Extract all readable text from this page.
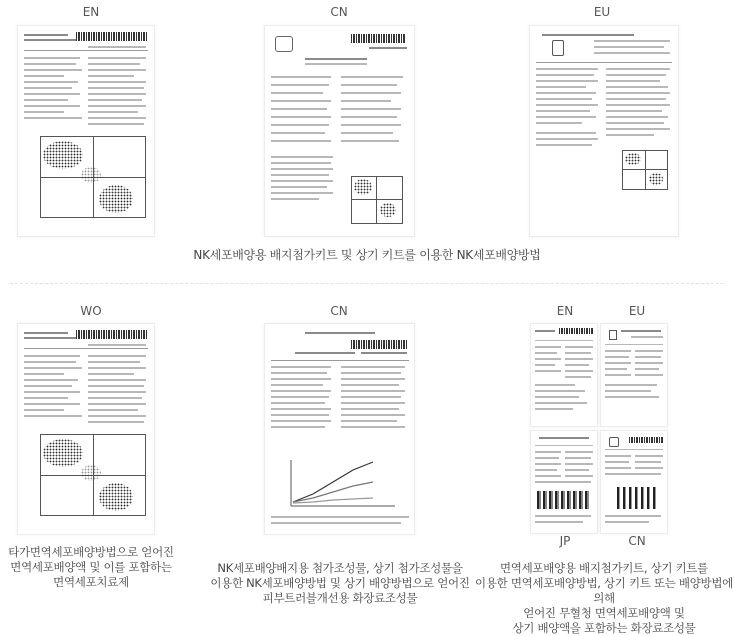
EN	CN	EU
NK세포배양용 배지첨가키트 및 상기 키트를 이용한 NK세포배양방법
WO	CN	EN	EU
JP	CN
타가면역세포배양방법으로 얻어진
면역세포배양액 및 이를 포함하는
면역세포치료제
NK세포배양배지용 첨가조성물, 상기 첨가조성물을
이용한 NK세포배양방법 및 상기 배양방법으로 얻어진
피부트러블개선용 화장료조성물
면역세포배양용 배지첨가키트, 상기 키트를
이용한 면역세포배양방법, 상기 키트 또는 배양방법에 의해
얻어진 무혈청 면역세포배양액 및
상기 배양액을 포함하는 화장료조성물
